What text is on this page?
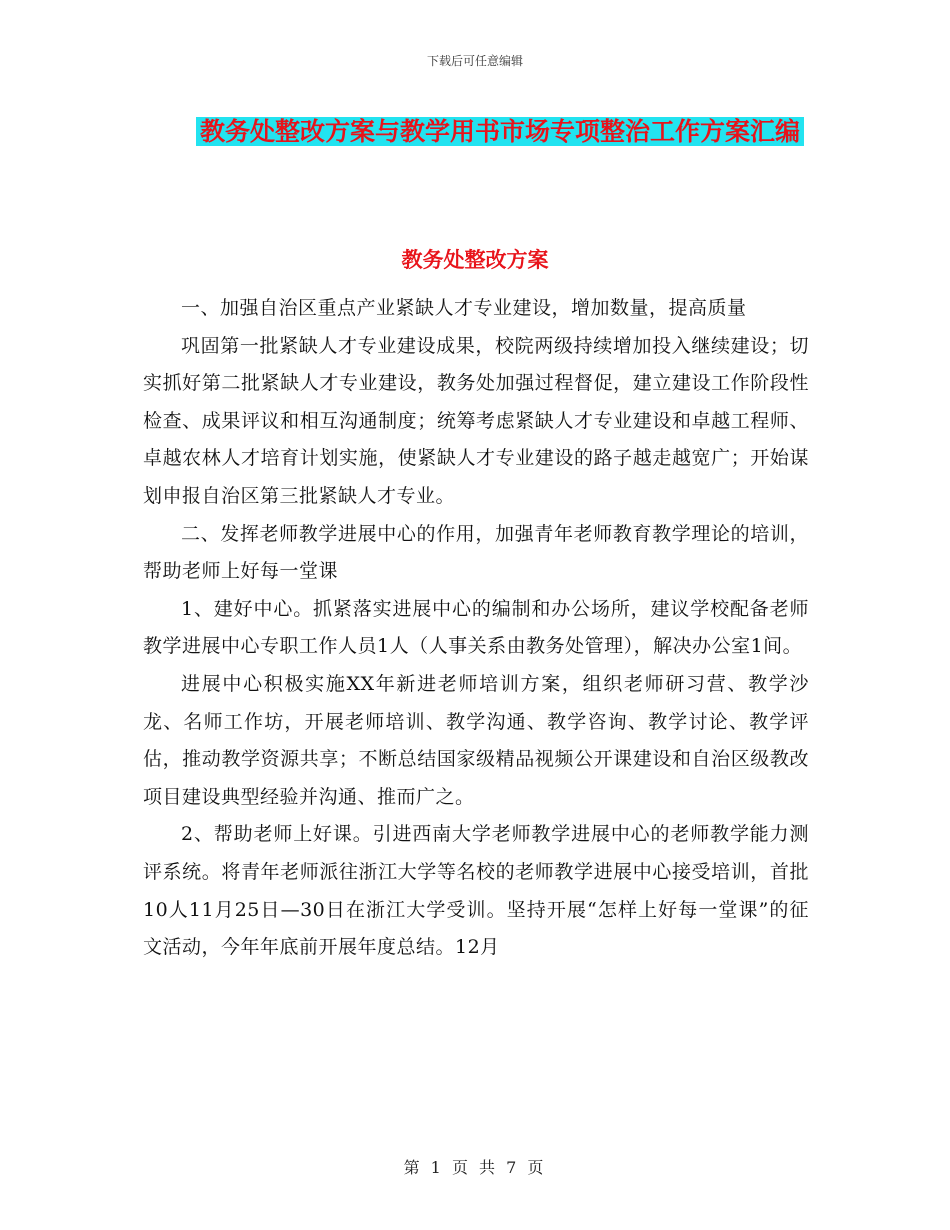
下载后可任意编辑
教务处整改方案与教学用书市场专项整治工作方案汇编
教务处整改方案

一、加强自治区重点产业紧缺人才专业建设，增加数量，提高质量

巩固第一批紧缺人才专业建设成果，校院两级持续增加投入继续建设；切实抓好第二批紧缺人才专业建设，教务处加强过程督促，建立建设工作阶段性检查、成果评议和相互沟通制度；统筹考虑紧缺人才专业建设和卓越工程师、卓越农林人才培育计划实施，使紧缺人才专业建设的路子越走越宽广；开始谋划申报自治区第三批紧缺人才专业。

二、发挥老师教学进展中心的作用，加强青年老师教育教学理论的培训，帮助老师上好每一堂课

1、建好中心。抓紧落实进展中心的编制和办公场所，建议学校配备老师教学进展中心专职工作人员1人（人事关系由教务处管理），解决办公室1间。

进展中心积极实施XX年新进老师培训方案，组织老师研习营、教学沙龙、名师工作坊，开展老师培训、教学沟通、教学咨询、教学讨论、教学评估，推动教学资源共享；不断总结国家级精品视频公开课建设和自治区级教改项目建设典型经验并沟通、推而广之。

2、帮助老师上好课。引进西南大学老师教学进展中心的老师教学能力测评系统。将青年老师派往浙江大学等名校的老师教学进展中心接受培训，首批10人11月25日—30日在浙江大学受训。坚持开展“怎样上好每一堂课”的征文活动，今年年底前开展年度总结。12月

第 1 页 共 7 页
